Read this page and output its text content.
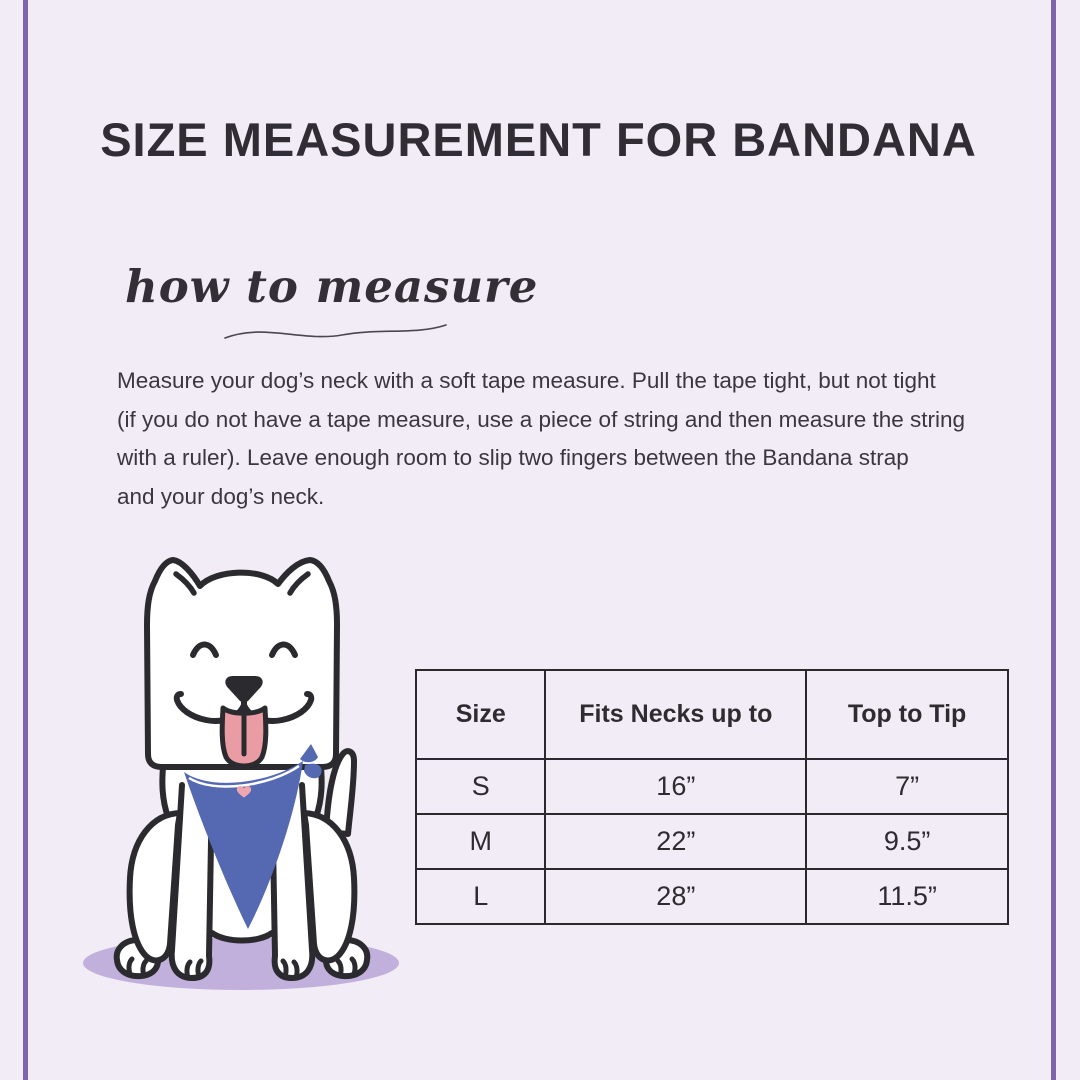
SIZE MEASUREMENT FOR BANDANA
how to measure
Measure your dog’s neck with a soft tape measure. Pull the tape tight, but not tight
(if you do not have a tape measure, use a piece of string and then measure the string
with a ruler). Leave enough room to slip two fingers between the Bandana strap
and your dog’s neck.
Size	Fits Necks up to	Top to Tip
S	16”	7”
M	22”	9.5”
L	28”	11.5”
